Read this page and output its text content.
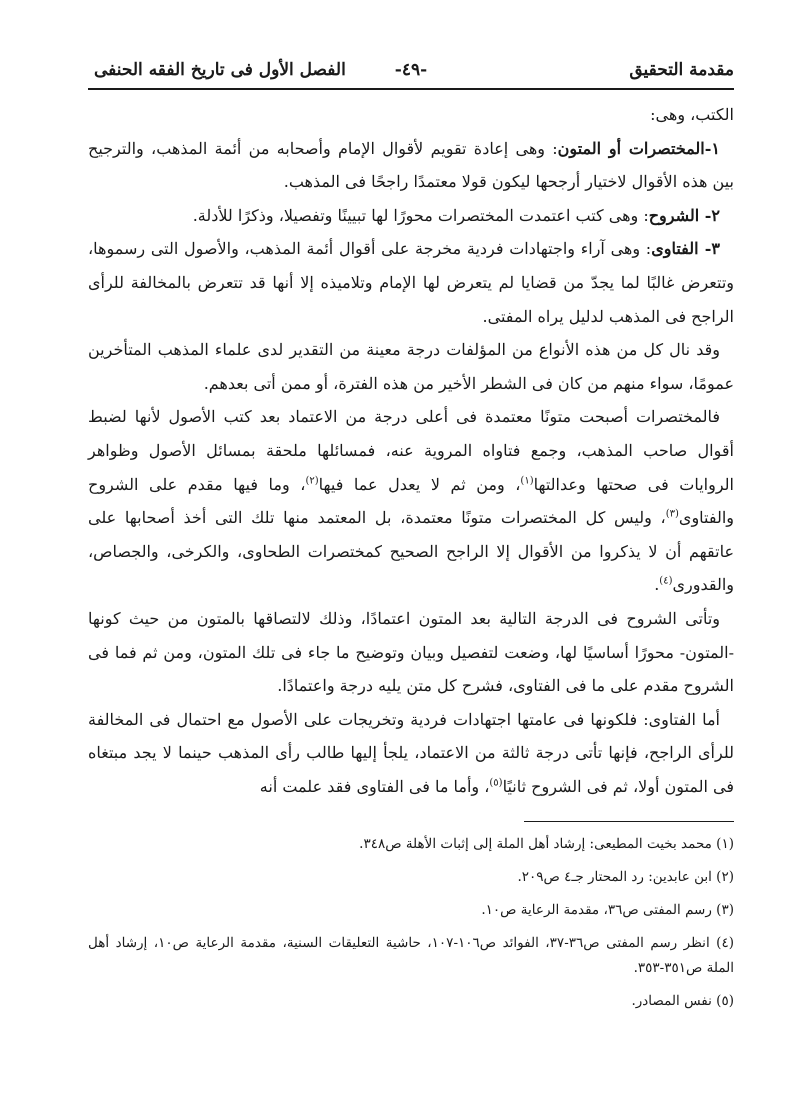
مقدمة التحقيق
-٤٩-
الفصل الأول فى تاريخ الفقه الحنفى

الكتب، وهى:

١-المختصرات أو المتون: وهى إعادة تقويم لأقوال الإمام وأصحابه من أئمة المذهب، والترجيح بين هذه الأقوال لاختيار أرجحها ليكون قولا معتمدًا راجحًا فى المذهب.

٢- الشروح: وهى كتب اعتمدت المختصرات محورًا لها تبيينًا وتفصيلا، وذكرًا للأدلة.

٣- الفتاوى: وهى آراء واجتهادات فردية مخرجة على أقوال أئمة المذهب، والأصول التى رسموها، وتتعرض غالبًا لما يجدّ من قضايا لم يتعرض لها الإمام وتلاميذه إلا أنها قد تتعرض بالمخالفة للرأى الراجح فى المذهب لدليل يراه المفتى.

وقد نال كل من هذه الأنواع من المؤلفات درجة معينة من التقدير لدى علماء المذهب المتأخرين عمومًا، سواء منهم من كان فى الشطر الأخير من هذه الفترة، أو ممن أتى بعدهم.

فالمختصرات أصبحت متونًا معتمدة فى أعلى درجة من الاعتماد بعد كتب الأصول لأنها لضبط أقوال صاحب المذهب، وجمع فتاواه المروية عنه، فمسائلها ملحقة بمسائل الأصول وظواهر الروايات فى صحتها وعدالتها$^{(١)}$، ومن ثم لا يعدل عما فيها$^{(٢)}$، وما فيها مقدم على الشروح والفتاوى$^{(٣)}$، وليس كل المختصرات متونًا معتمدة، بل المعتمد منها تلك التى أخذ أصحابها على عاتقهم أن لا يذكروا من الأقوال إلا الراجح الصحيح كمختصرات الطحاوى، والكرخى، والجصاص، والقدورى$^{(٤)}$.

وتأتى الشروح فى الدرجة التالية بعد المتون اعتمادًا، وذلك لالتصاقها بالمتون من حيث كونها -المتون- محورًا أساسيًا لها، وضعت لتفصيل وبيان وتوضيح ما جاء فى تلك المتون، ومن ثم فما فى الشروح مقدم على ما فى الفتاوى، فشرح كل متن يليه درجة واعتمادًا.

أما الفتاوى: فلكونها فى عامتها اجتهادات فردية وتخريجات على الأصول مع احتمال فى المخالفة للرأى الراجح، فإنها تأتى درجة ثالثة من الاعتماد، يلجأ إليها طالب رأى المذهب حينما لا يجد مبتغاه فى المتون أولا، ثم فى الشروح ثانيًا$^{(٥)}$، وأما ما فى الفتاوى فقد علمت أنه

(١) محمد بخيت المطيعى: إرشاد أهل الملة إلى إثبات الأهلة ص٣٤٨.

(٢) ابن عابدين: رد المحتار جـ٤ ص٢٠٩.

(٣) رسم المفتى ص٣٦، مقدمة الرعاية ص١٠.

(٤) انظر رسم المفتى ص٣٦-٣٧، الفوائد ص١٠٦-١٠٧، حاشية التعليقات السنية، مقدمة الرعاية ص١٠، إرشاد أهل الملة ص٣٥١-٣٥٣.

(٥) نفس المصادر.
